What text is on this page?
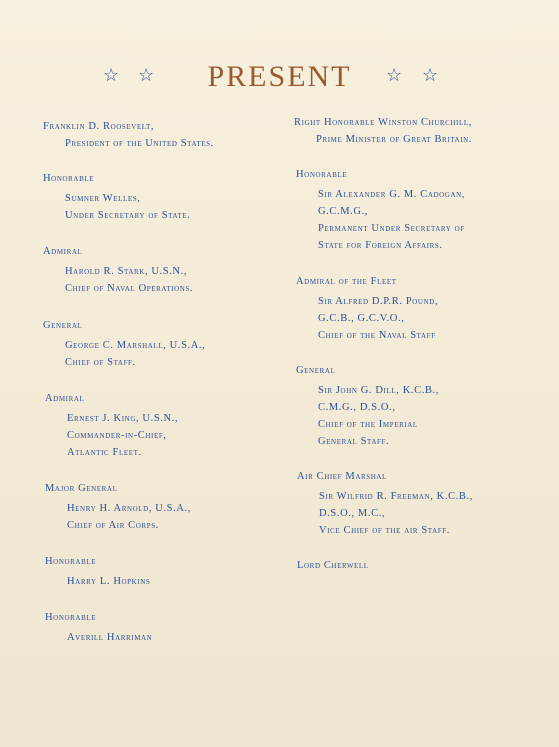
☆ ☆	PRESENT	☆ ☆
Franklin D. Roosevelt,
President of the United States.
Honorable
Sumner Welles,
Under Secretary of State.
Admiral
Harold R. Stark, U.S.N.,
Chief of Naval Operations.
General
George C. Marshall, U.S.A.,
Chief of Staff.
Admiral
Ernest J. King, U.S.N.,
Commander-in-Chief,
Atlantic Fleet.
Major General
Henry H. Arnold, U.S.A.,
Chief of Air Corps.
Honorable
Harry L. Hopkins
Honorable
Averill Harriman
Right Honorable Winston Churchill,
Prime Minister of Great Britain.
Honorable
Sir Alexander G. M. Cadogan,
G.C.M.G.,
Permanent Under Secretary of
State for Foreign Affairs.
Admiral of the Fleet
Sir Alfred D.P.R. Pound,
G.C.B., G.C.V.O.,
Chief of the Naval Staff
General
Sir John G. Dill, K.C.B.,
C.M.G., D.S.O.,
Chief of the Imperial
General Staff.
Air Chief Marshal
Sir Wilfrid R. Freeman, K.C.B.,
D.S.O., M.C.,
Vice Chief of the air Staff.
Lord Cherwell
